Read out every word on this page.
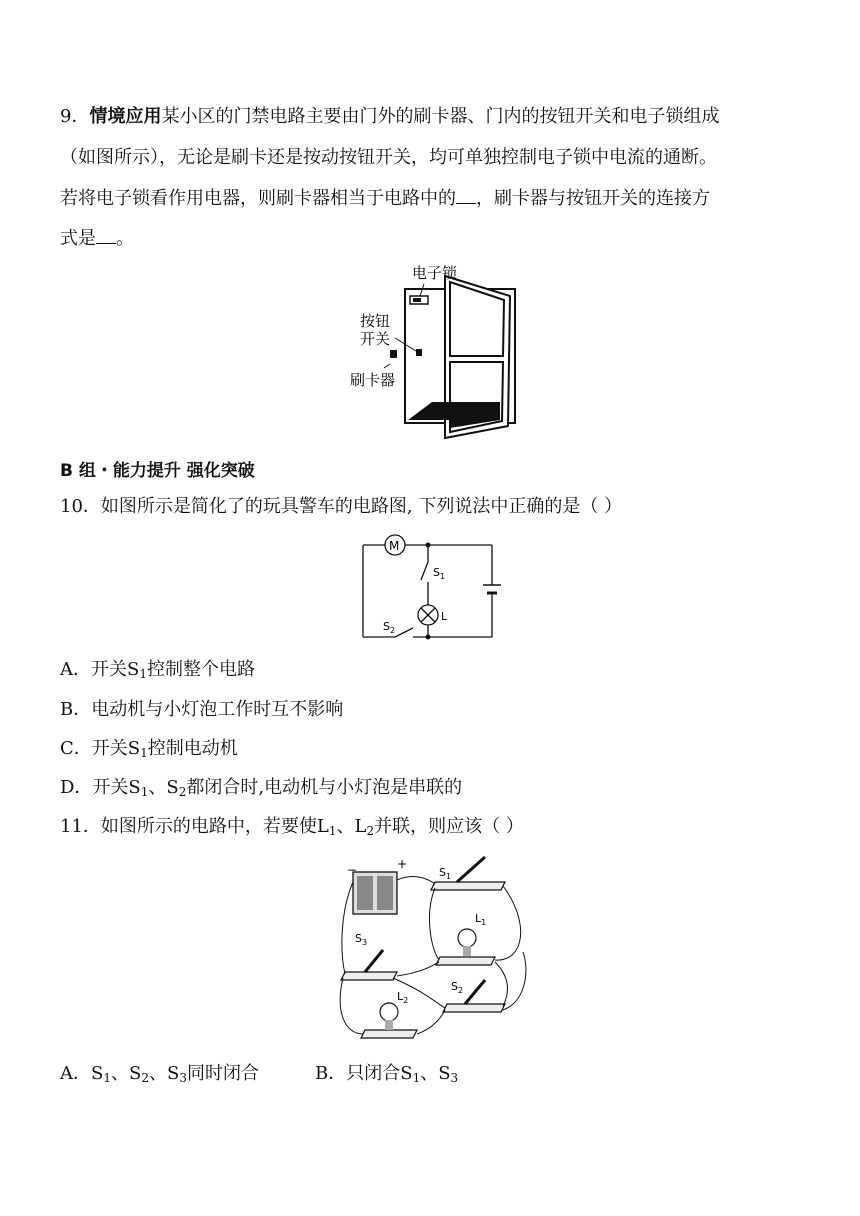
9．情境应用某小区的门禁电路主要由门外的刷卡器、门内的按钮开关和电子锁组成
（如图所示），无论是刷卡还是按动按钮开关，均可单独控制电子锁中电流的通断。
若将电子锁看作用电器，则刷卡器相当于电路中的 ，刷卡器与按钮开关的连接方
式是 。
电子锁
按钮
开关
刷卡器
B 组・能力提升 强化突破
10．如图所示是简化了的玩具警车的电路图, 下列说法中正确的是（ ）
M
$S_1$
L
$S_2$
A．开关$S_1$控制整个电路
B．电动机与小灯泡工作时互不影响
C．开关$S_1$控制电动机
D．开关$S_1$、$S_2$都闭合时,电动机与小灯泡是串联的
11．如图所示的电路中，若要使$L_1$、$L_2$并联，则应该（ ）
−	+
$S_1$
$L_1$
$S_3$
$S_2$
$L_2$
A．$S_1$、$S_2$、$S_3$同时闭合	B．只闭合$S_1$、$S_3$
